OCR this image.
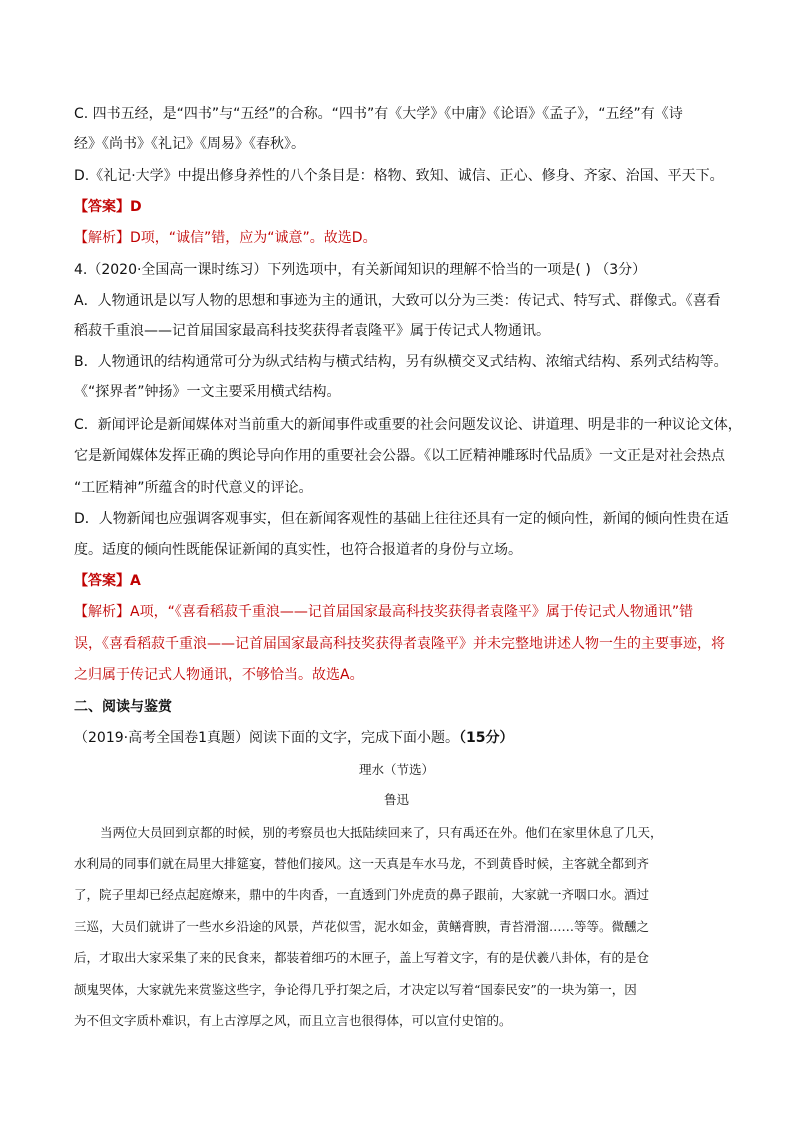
C. 四书五经，是“四书”与“五经”的合称。“四书”有《大学》《中庸》《论语》《孟子》，“五经”有《诗
经》《尚书》《礼记》《周易》《春秋》。
D.《礼记·大学》中提出修身养性的八个条目是：格物、致知、诚信、正心、修身、齐家、治国、平天下。
【答案】D
【解析】D项，“诚信”错，应为“诚意”。故选D。
4.（2020·全国高一课时练习）下列选项中，有关新闻知识的理解不恰当的一项是( ) （3分）
A．人物通讯是以写人物的思想和事迹为主的通讯，大致可以分为三类：传记式、特写式、群像式。《喜看
稻菽千重浪——记首届国家最高科技奖获得者袁隆平》属于传记式人物通讯。
B．人物通讯的结构通常可分为纵式结构与横式结构，另有纵横交叉式结构、浓缩式结构、系列式结构等。
《“探界者”钟扬》一文主要采用横式结构。
C．新闻评论是新闻媒体对当前重大的新闻事件或重要的社会问题发议论、讲道理、明是非的一种议论文体，
它是新闻媒体发挥正确的舆论导向作用的重要社会公器。《以工匠精神雕琢时代品质》一文正是对社会热点
“工匠精神”所蕴含的时代意义的评论。
D．人物新闻也应强调客观事实，但在新闻客观性的基础上往往还具有一定的倾向性，新闻的倾向性贵在适
度。适度的倾向性既能保证新闻的真实性，也符合报道者的身份与立场。
【答案】A
【解析】A项，“《喜看稻菽千重浪——记首届国家最高科技奖获得者袁隆平》属于传记式人物通讯”错
误，《喜看稻菽千重浪——记首届国家最高科技奖获得者袁隆平》并未完整地讲述人物一生的主要事迹，将
之归属于传记式人物通讯，不够恰当。故选A。
二、阅读与鉴赏
（2019·高考全国卷1真题）阅读下面的文字，完成下面小题。（15分）
理水（节选）
鲁迅
当两位大员回到京都的时候，别的考察员也大抵陆续回来了，只有禹还在外。他们在家里休息了几天，
水利局的同事们就在局里大排筵宴，替他们接风。这一天真是车水马龙，不到黄昏时候，主客就全都到齐
了，院子里却已经点起庭燎来，鼎中的牛肉香，一直透到门外虎贲的鼻子跟前，大家就一齐咽口水。酒过
三巡，大员们就讲了一些水乡沿途的风景，芦花似雪，泥水如金，黄鳝膏腴，青苔滑溜……等等。微醺之
后，才取出大家采集了来的民食来，都装着细巧的木匣子，盖上写着文字，有的是伏羲八卦体，有的是仓
颉鬼哭体，大家就先来赏鉴这些字，争论得几乎打架之后，才决定以写着“国泰民安”的一块为第一，因
为不但文字质朴难识，有上古淳厚之风，而且立言也很得体，可以宣付史馆的。
